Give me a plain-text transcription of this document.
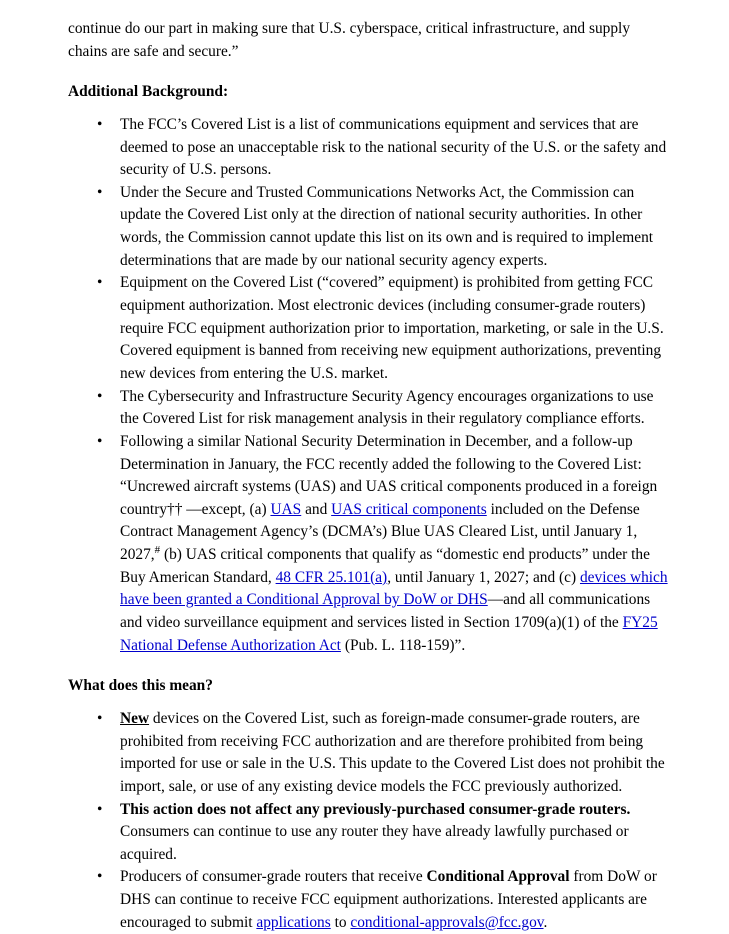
continue do our part in making sure that U.S. cyberspace, critical infrastructure, and supply chains are safe and secure.”

Additional Background:
• The FCC’s Covered List is a list of communications equipment and services that are deemed to pose an unacceptable risk to the national security of the U.S. or the safety and security of U.S. persons.
• Under the Secure and Trusted Communications Networks Act, the Commission can update the Covered List only at the direction of national security authorities. In other words, the Commission cannot update this list on its own and is required to implement determinations that are made by our national security agency experts.
• Equipment on the Covered List (“covered” equipment) is prohibited from getting FCC equipment authorization. Most electronic devices (including consumer-grade routers) require FCC equipment authorization prior to importation, marketing, or sale in the U.S. Covered equipment is banned from receiving new equipment authorizations, preventing new devices from entering the U.S. market.
• The Cybersecurity and Infrastructure Security Agency encourages organizations to use the Covered List for risk management analysis in their regulatory compliance efforts.
• Following a similar National Security Determination in December, and a follow-up Determination in January, the FCC recently added the following to the Covered List: “Uncrewed aircraft systems (UAS) and UAS critical components produced in a foreign country†† —except, (a) UAS and UAS critical components included on the Defense Contract Management Agency’s (DCMA’s) Blue UAS Cleared List, until January 1, 2027,# (b) UAS critical components that qualify as “domestic end products” under the Buy American Standard, 48 CFR 25.101(a), until January 1, 2027; and (c) devices which have been granted a Conditional Approval by DoW or DHS—and all communications and video surveillance equipment and services listed in Section 1709(a)(1) of the FY25 National Defense Authorization Act (Pub. L. 118-159)”.
What does this mean?
• New devices on the Covered List, such as foreign-made consumer-grade routers, are prohibited from receiving FCC authorization and are therefore prohibited from being imported for use or sale in the U.S. This update to the Covered List does not prohibit the import, sale, or use of any existing device models the FCC previously authorized.
• This action does not affect any previously-purchased consumer-grade routers. Consumers can continue to use any router they have already lawfully purchased or acquired.
• Producers of consumer-grade routers that receive Conditional Approval from DoW or DHS can continue to receive FCC equipment authorizations. Interested applicants are encouraged to submit applications to conditional-approvals@fcc.gov.
